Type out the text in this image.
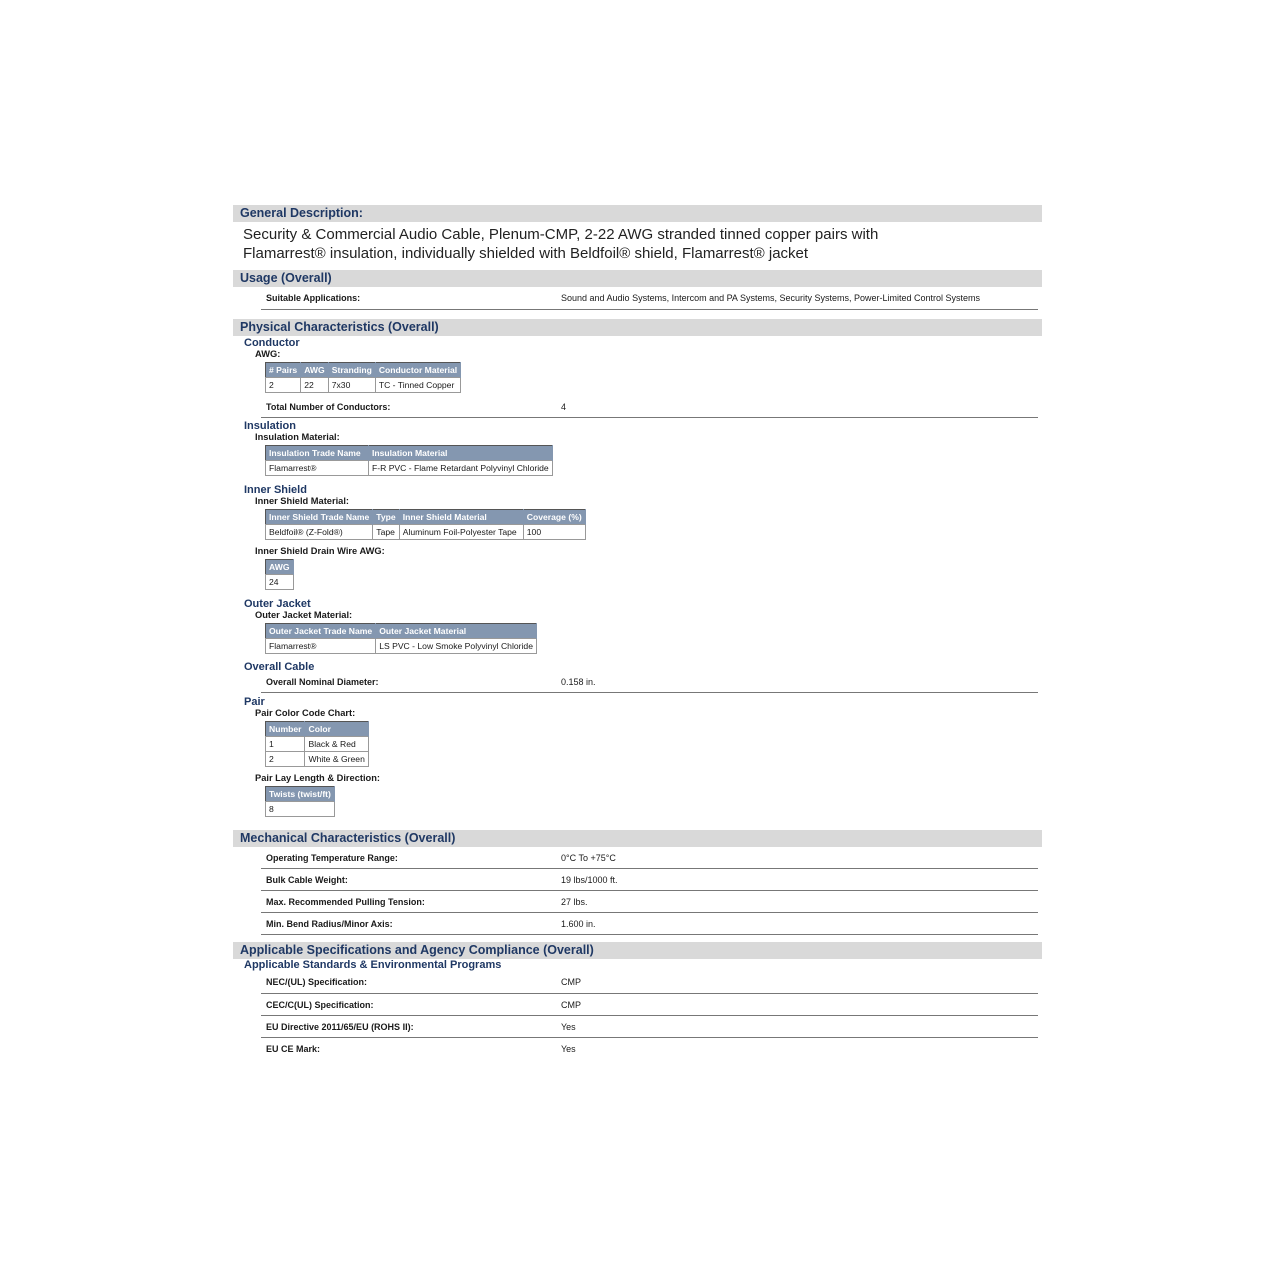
General Description:
Security & Commercial Audio Cable, Plenum-CMP, 2-22 AWG stranded tinned copper pairs with
Flamarrest® insulation, individually shielded with Beldfoil® shield, Flamarrest® jacket
Usage (Overall)
Suitable Applications:	Sound and Audio Systems, Intercom and PA Systems, Security Systems, Power-Limited Control Systems
Physical Characteristics (Overall)
Conductor
AWG:
# Pairs	AWG	Stranding	Conductor Material
2	22	7x30	TC - Tinned Copper
Total Number of Conductors:	4
Insulation
Insulation Material:
Insulation Trade Name	Insulation Material
Flamarrest®	F-R PVC - Flame Retardant Polyvinyl Chloride
Inner Shield
Inner Shield Material:
Inner Shield Trade Name	Type	Inner Shield Material	Coverage (%)
Beldfoil® (Z-Fold®)	Tape	Aluminum Foil-Polyester Tape	100
Inner Shield Drain Wire AWG:
AWG
24
Outer Jacket
Outer Jacket Material:
Outer Jacket Trade Name	Outer Jacket Material
Flamarrest®	LS PVC - Low Smoke Polyvinyl Chloride
Overall Cable
Overall Nominal Diameter:	0.158 in.
Pair
Pair Color Code Chart:
Number	Color
1	Black & Red
2	White & Green
Pair Lay Length & Direction:
Twists (twist/ft)
8
Mechanical Characteristics (Overall)
Operating Temperature Range:	0°C To +75°C
Bulk Cable Weight:	19 lbs/1000 ft.
Max. Recommended Pulling Tension:	27 lbs.
Min. Bend Radius/Minor Axis:	1.600 in.
Applicable Specifications and Agency Compliance (Overall)
Applicable Standards & Environmental Programs
NEC/(UL) Specification:	CMP
CEC/C(UL) Specification:	CMP
EU Directive 2011/65/EU (ROHS II):	Yes
EU CE Mark:	Yes
